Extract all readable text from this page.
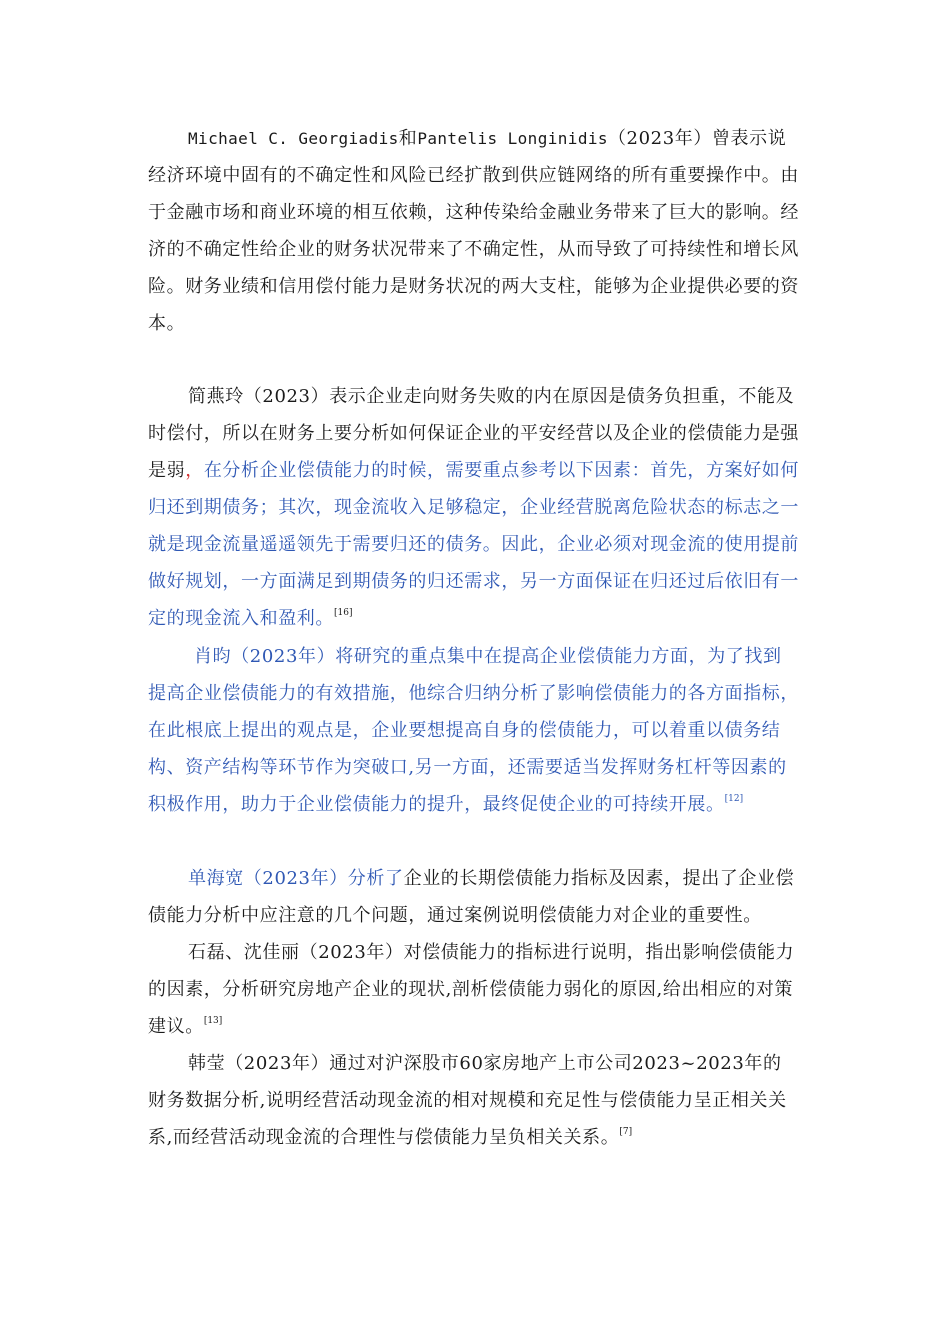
Michael C. Georgiadis和Pantelis Longinidis（2023年）曾表示说经济环境中固有的不确定性和风险已经扩散到供应链网络的所有重要操作中。由于金融市场和商业环境的相互依赖，这种传染给金融业务带来了巨大的影响。经济的不确定性给企业的财务状况带来了不确定性，从而导致了可持续性和增长风险。财务业绩和信用偿付能力是财务状况的两大支柱，能够为企业提供必要的资本。

简燕玲（2023）表示企业走向财务失败的内在原因是债务负担重，不能及时偿付，所以在财务上要分析如何保证企业的平安经营以及企业的偿债能力是强是弱，在分析企业偿债能力的时候，需要重点参考以下因素：首先，方案好如何归还到期债务；其次，现金流收入足够稳定，企业经营脱离危险状态的标志之一就是现金流量遥遥领先于需要归还的债务。因此，企业必须对现金流的使用提前做好规划，一方面满足到期债务的归还需求，另一方面保证在归还过后依旧有一定的现金流入和盈利。[16]

肖昀（2023年）将研究的重点集中在提高企业偿债能力方面，为了找到提高企业偿债能力的有效措施，他综合归纳分析了影响偿债能力的各方面指标，在此根底上提出的观点是，企业要想提高自身的偿债能力，可以着重以债务结构、资产结构等环节作为突破口,另一方面，还需要适当发挥财务杠杆等因素的积极作用，助力于企业偿债能力的提升，最终促使企业的可持续开展。[12]

单海宽（2023年）分析了企业的长期偿债能力指标及因素，提出了企业偿债能力分析中应注意的几个问题，通过案例说明偿债能力对企业的重要性。

石磊、沈佳丽（2023年）对偿债能力的指标进行说明，指出影响偿债能力的因素，分析研究房地产企业的现状,剖析偿债能力弱化的原因,给出相应的对策建议。[13]

韩莹（2023年）通过对沪深股市60家房地产上市公司2023~2023年的财务数据分析,说明经营活动现金流的相对规模和充足性与偿债能力呈正相关关系,而经营活动现金流的合理性与偿债能力呈负相关关系。[7]
